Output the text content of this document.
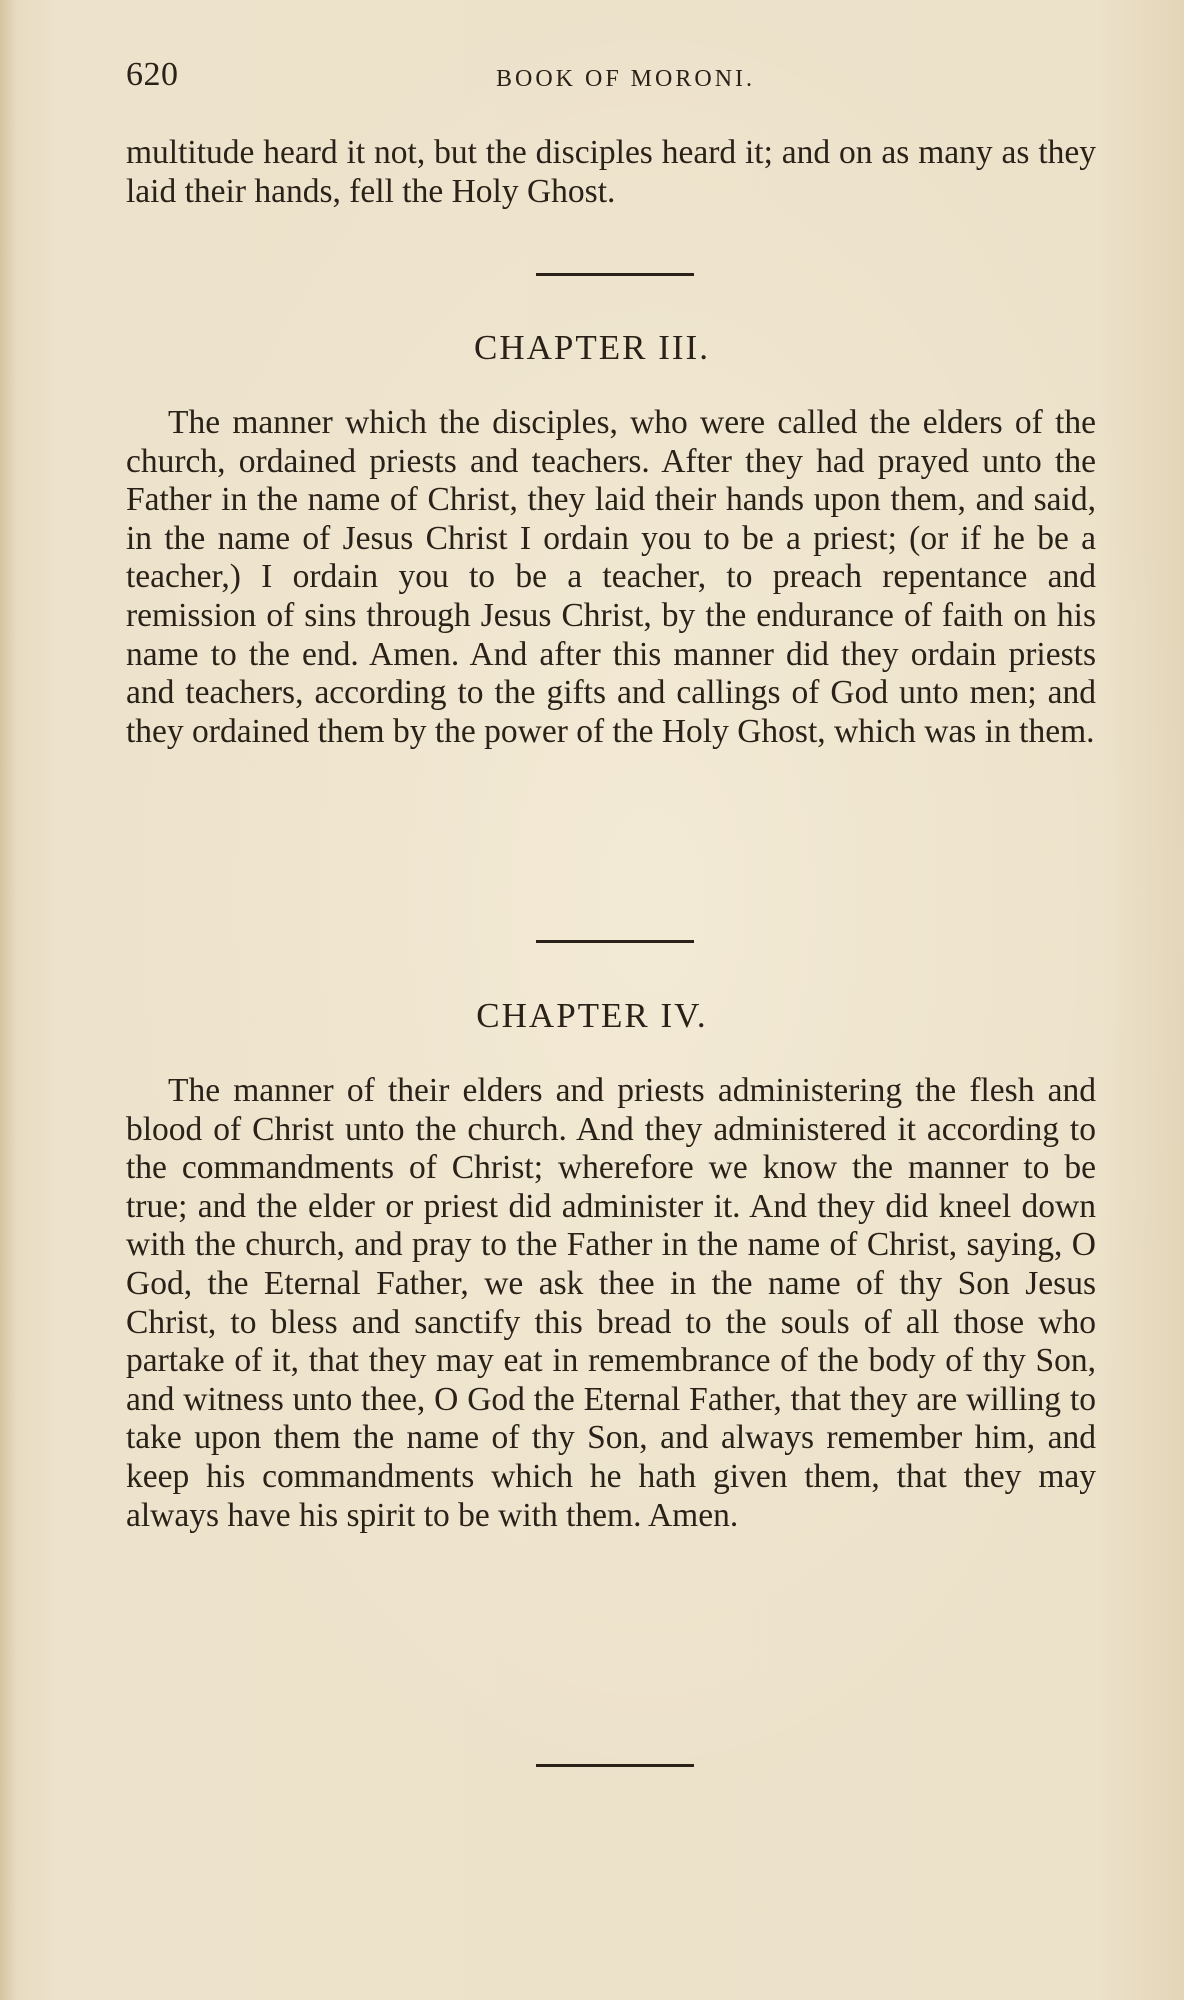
620	BOOK OF MORONI.

multitude heard it not, but the disciples heard it; and on as many as they laid their hands, fell the Holy Ghost.

CHAPTER III.

The manner which the disciples, who were called the elders of the church, ordained priests and teachers. After they had prayed unto the Father in the name of Christ, they laid their hands upon them, and said, in the name of Jesus Christ I ordain you to be a priest; (or if he be a teacher,) I ordain you to be a teacher, to preach repentance and remission of sins through Jesus Christ, by the endurance of faith on his name to the end. Amen. And after this manner did they ordain priests and teachers, according to the gifts and callings of God unto men; and they ordained them by the power of the Holy Ghost, which was in them.

CHAPTER IV.

The manner of their elders and priests administering the flesh and blood of Christ unto the church. And they administered it according to the commandments of Christ; wherefore we know the manner to be true; and the elder or priest did administer it. And they did kneel down with the church, and pray to the Father in the name of Christ, saying, O God, the Eternal Father, we ask thee in the name of thy Son Jesus Christ, to bless and sanctify this bread to the souls of all those who partake of it, that they may eat in remembrance of the body of thy Son, and witness unto thee, O God the Eternal Father, that they are willing to take upon them the name of thy Son, and always remember him, and keep his commandments which he hath given them, that they may always have his spirit to be with them. Amen.
